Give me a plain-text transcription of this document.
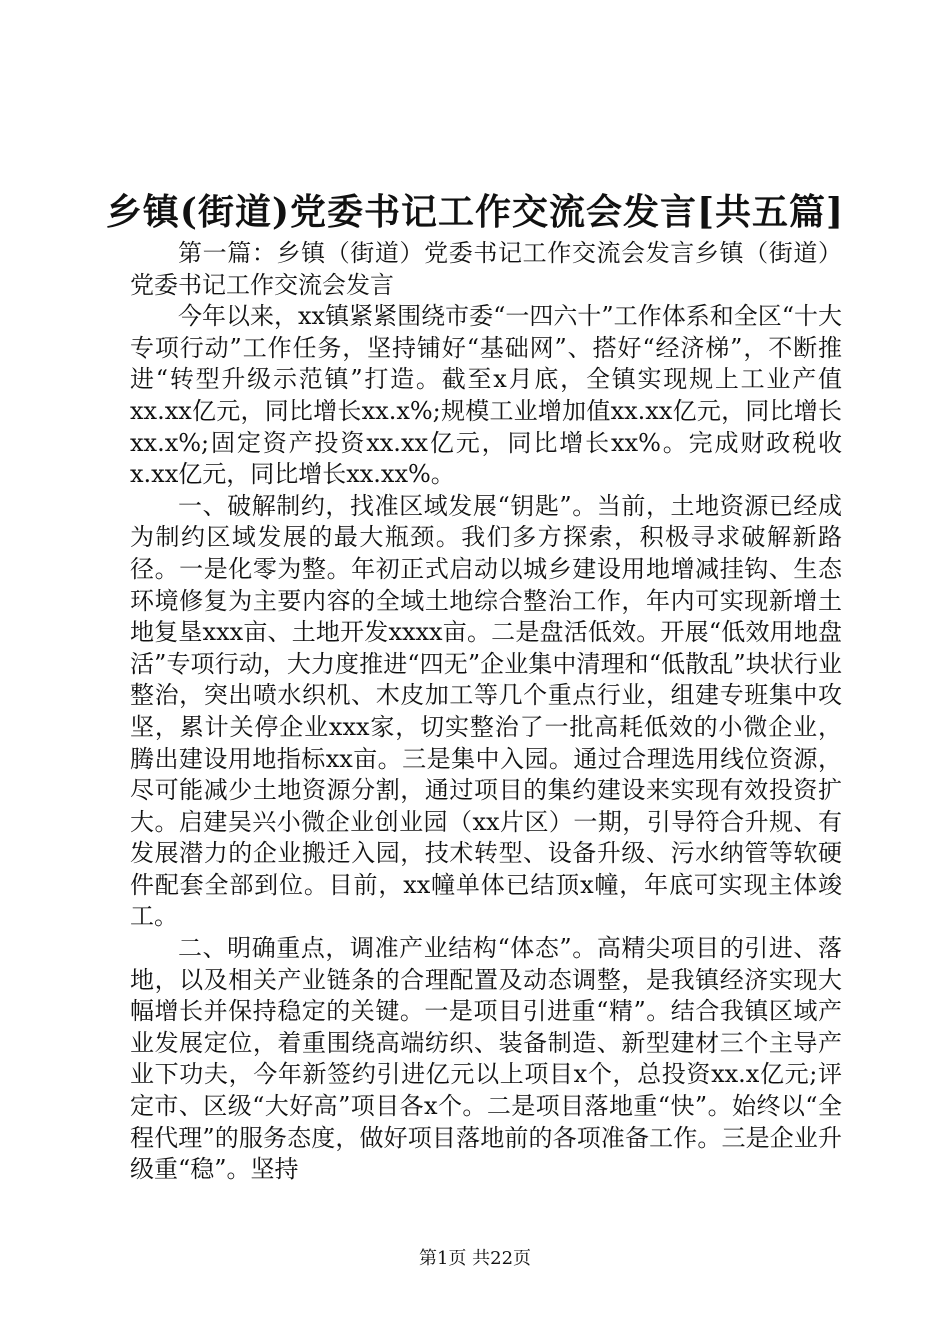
乡镇(街道)党委书记工作交流会发言[共五篇]

第一篇：乡镇（街道）党委书记工作交流会发言乡镇（街道）党委书记工作交流会发言

今年以来，xx镇紧紧围绕市委“一四六十”工作体系和全区“十大专项行动”工作任务，坚持铺好“基础网”、搭好“经济梯”，不断推进“转型升级示范镇”打造。截至x月底，全镇实现规上工业产值xx.xx亿元，同比增长xx.x%;规模工业增加值xx.xx亿元，同比增长xx.x%;固定资产投资xx.xx亿元，同比增长xx%。完成财政税收x.xx亿元，同比增长xx.xx%。

一、破解制约，找准区域发展“钥匙”。当前，土地资源已经成为制约区域发展的最大瓶颈。我们多方探索，积极寻求破解新路径。一是化零为整。年初正式启动以城乡建设用地增减挂钩、生态环境修复为主要内容的全域土地综合整治工作，年内可实现新增土地复垦xxx亩、土地开发xxxx亩。二是盘活低效。开展“低效用地盘活”专项行动，大力度推进“四无”企业集中清理和“低散乱”块状行业整治，突出喷水织机、木皮加工等几个重点行业，组建专班集中攻坚，累计关停企业xxx家，切实整治了一批高耗低效的小微企业，腾出建设用地指标xx亩。三是集中入园。通过合理选用线位资源，尽可能减少土地资源分割，通过项目的集约建设来实现有效投资扩大。启建吴兴小微企业创业园（xx片区）一期，引导符合升规、有发展潜力的企业搬迁入园，技术转型、设备升级、污水纳管等软硬件配套全部到位。目前，xx幢单体已结顶x幢，年底可实现主体竣工。

二、明确重点，调准产业结构“体态”。高精尖项目的引进、落地，以及相关产业链条的合理配置及动态调整，是我镇经济实现大幅增长并保持稳定的关键。一是项目引进重“精”。结合我镇区域产业发展定位，着重围绕高端纺织、装备制造、新型建材三个主导产业下功夫，今年新签约引进亿元以上项目x个，总投资xx.x亿元;评定市、区级“大好高”项目各x个。二是项目落地重“快”。始终以“全程代理”的服务态度，做好项目落地前的各项准备工作。三是企业升级重“稳”。坚持

第1页 共22页
